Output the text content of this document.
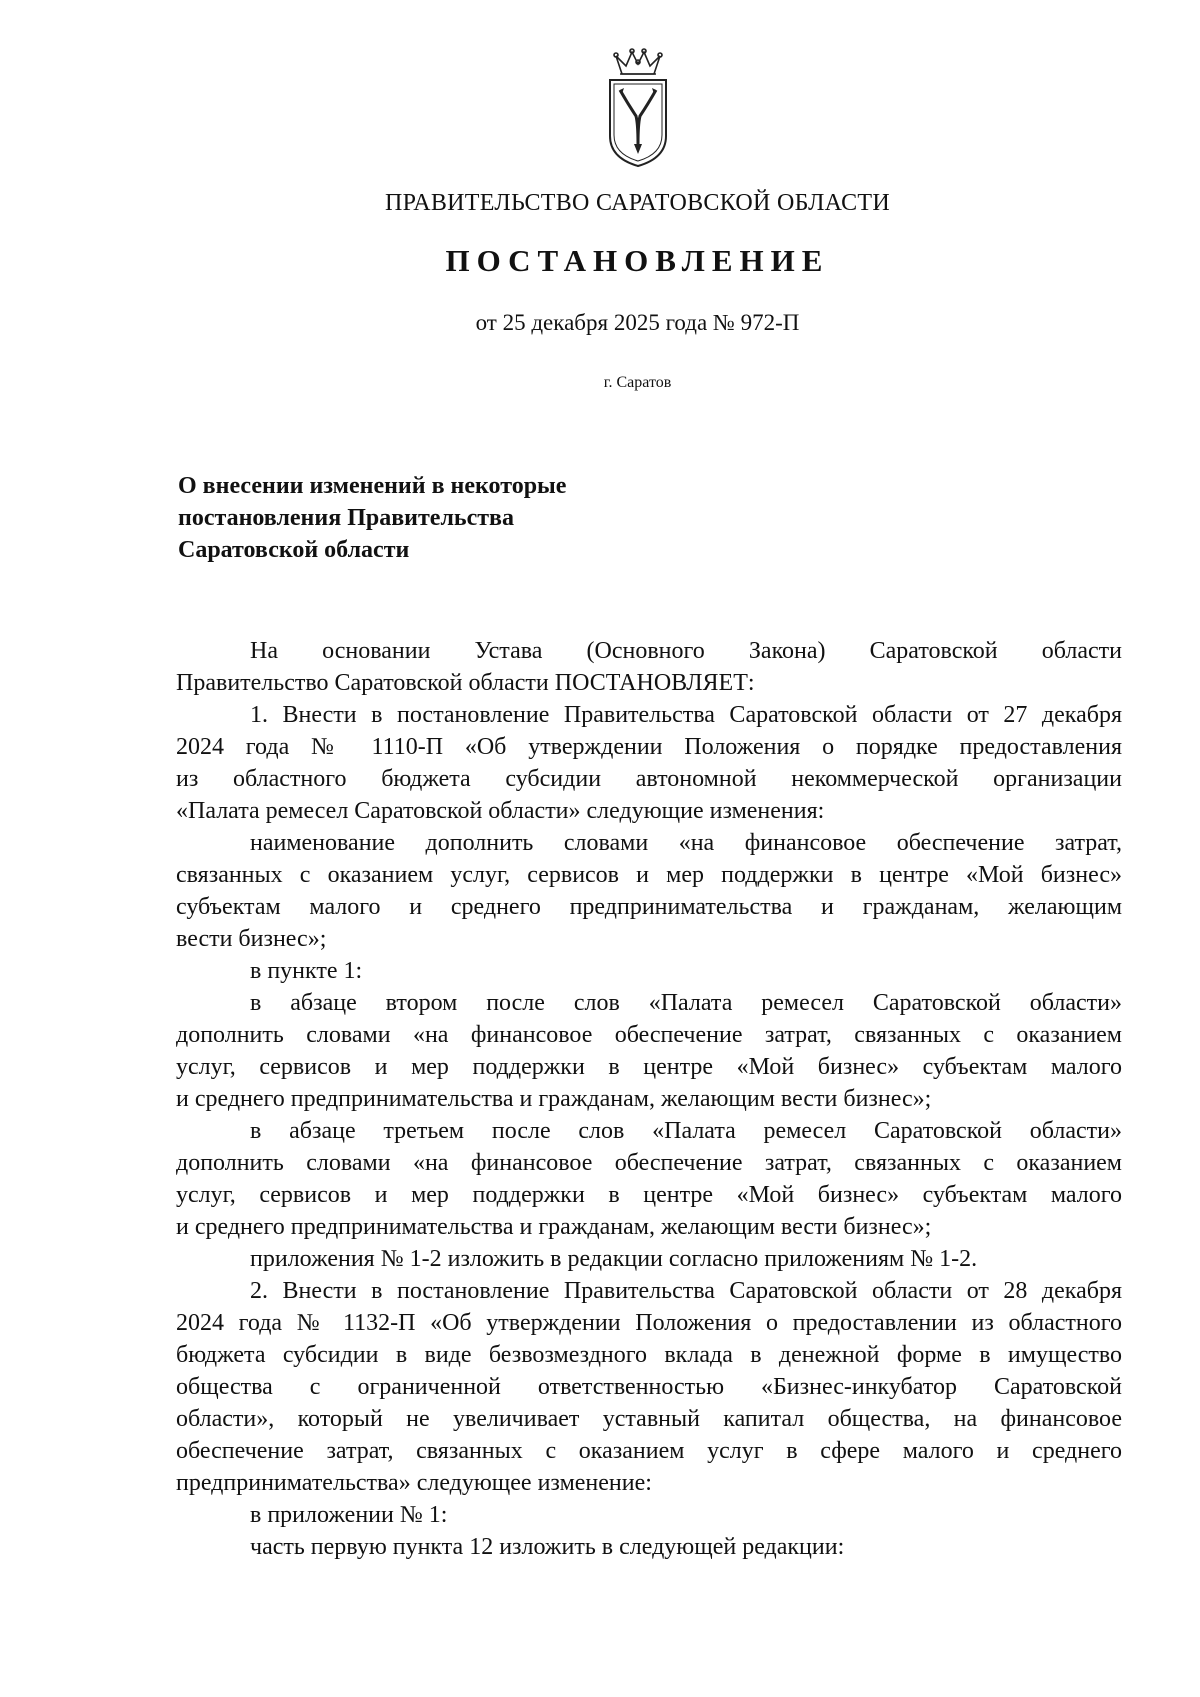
ПРАВИТЕЛЬСТВО САРАТОВСКОЙ ОБЛАСТИ
ПОСТАНОВЛЕНИЕ
от 25 декабря 2025 года № 972-П
г. Саратов
О внесении изменений в некоторые
постановления Правительства
Саратовской области
На основании Устава (Основного Закона) Саратовской области
Правительство Саратовской области ПОСТАНОВЛЯЕТ:
1. Внести в постановление Правительства Саратовской области от 27 декабря
2024 года № 1110-П «Об утверждении Положения о порядке предоставления
из областного бюджета субсидии автономной некоммерческой организации
«Палата ремесел Саратовской области» следующие изменения:
наименование дополнить словами «на финансовое обеспечение затрат,
связанных с оказанием услуг, сервисов и мер поддержки в центре «Мой бизнес»
субъектам малого и среднего предпринимательства и гражданам, желающим
вести бизнес»;
в пункте 1:
в абзаце втором после слов «Палата ремесел Саратовской области»
дополнить словами «на финансовое обеспечение затрат, связанных с оказанием
услуг, сервисов и мер поддержки в центре «Мой бизнес» субъектам малого
и среднего предпринимательства и гражданам, желающим вести бизнес»;
в абзаце третьем после слов «Палата ремесел Саратовской области»
дополнить словами «на финансовое обеспечение затрат, связанных с оказанием
услуг, сервисов и мер поддержки в центре «Мой бизнес» субъектам малого
и среднего предпринимательства и гражданам, желающим вести бизнес»;
приложения № 1-2 изложить в редакции согласно приложениям № 1-2.
2. Внести в постановление Правительства Саратовской области от 28 декабря
2024 года № 1132-П «Об утверждении Положения о предоставлении из областного
бюджета субсидии в виде безвозмездного вклада в денежной форме в имущество
общества с ограниченной ответственностью «Бизнес-инкубатор Саратовской
области», который не увеличивает уставный капитал общества, на финансовое
обеспечение затрат, связанных с оказанием услуг в сфере малого и среднего
предпринимательства» следующее изменение:
в приложении № 1:
часть первую пункта 12 изложить в следующей редакции:
